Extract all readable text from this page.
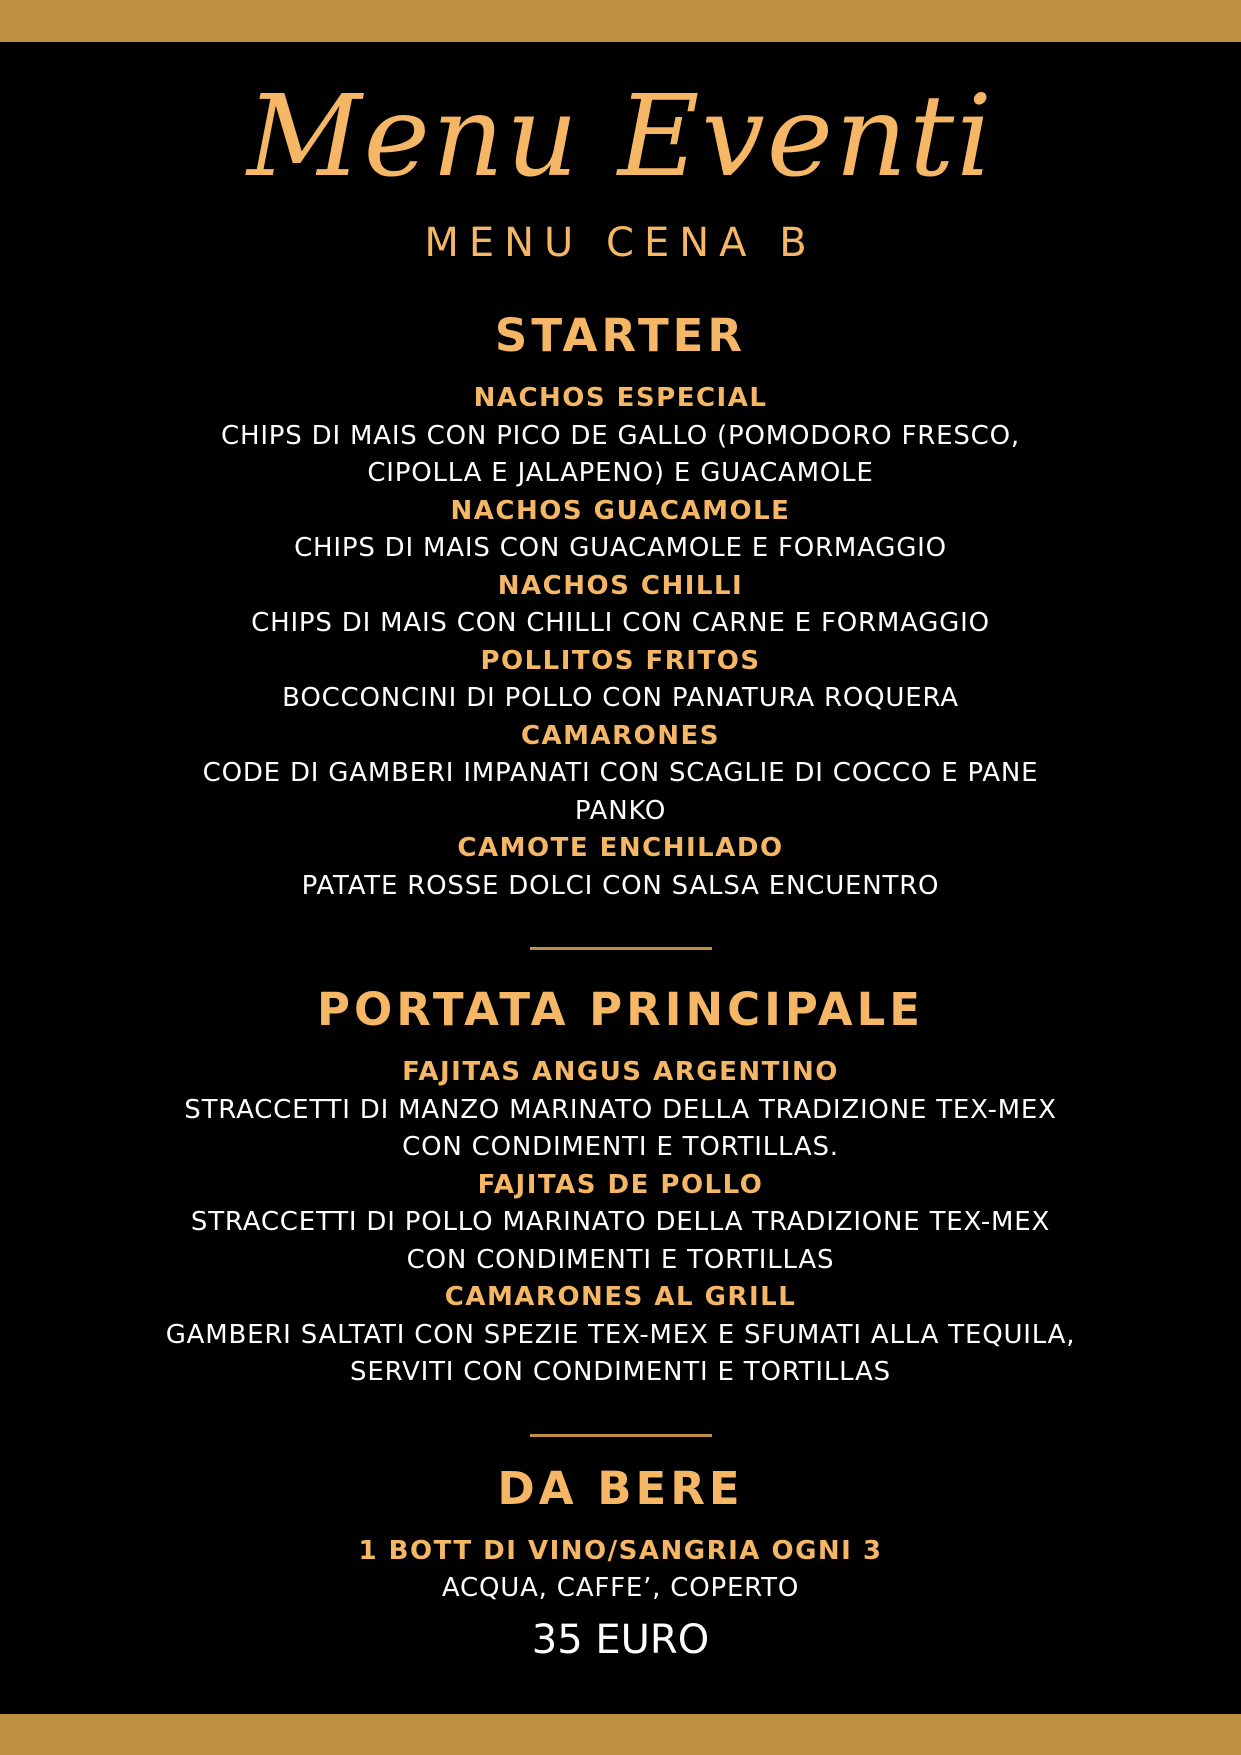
Menu Eventi
MENU CENA B
STARTER
NACHOS ESPECIAL
CHIPS DI MAIS CON PICO DE GALLO (POMODORO FRESCO, CIPOLLA E JALAPENO) E GUACAMOLE
NACHOS GUACAMOLE
CHIPS DI MAIS CON GUACAMOLE E FORMAGGIO
NACHOS CHILLI
CHIPS DI MAIS CON CHILLI CON CARNE E FORMAGGIO
POLLITOS FRITOS
BOCCONCINI DI POLLO CON PANATURA ROQUERA
CAMARONES
CODE DI GAMBERI IMPANATI CON SCAGLIE DI COCCO E PANE PANKO
CAMOTE ENCHILADO
PATATE ROSSE DOLCI CON SALSA ENCUENTRO
PORTATA PRINCIPALE
FAJITAS ANGUS ARGENTINO
STRACCETTI DI MANZO MARINATO DELLA TRADIZIONE TEX-MEX CON CONDIMENTI E TORTILLAS.
FAJITAS DE POLLO
STRACCETTI DI POLLO MARINATO DELLA TRADIZIONE TEX-MEX CON CONDIMENTI E TORTILLAS
CAMARONES AL GRILL
GAMBERI SALTATI CON SPEZIE TEX-MEX E SFUMATI ALLA TEQUILA, SERVITI CON CONDIMENTI E TORTILLAS
DA BERE
1 BOTT DI VINO/SANGRIA OGNI 3
ACQUA, CAFFE’, COPERTO
35 EURO
